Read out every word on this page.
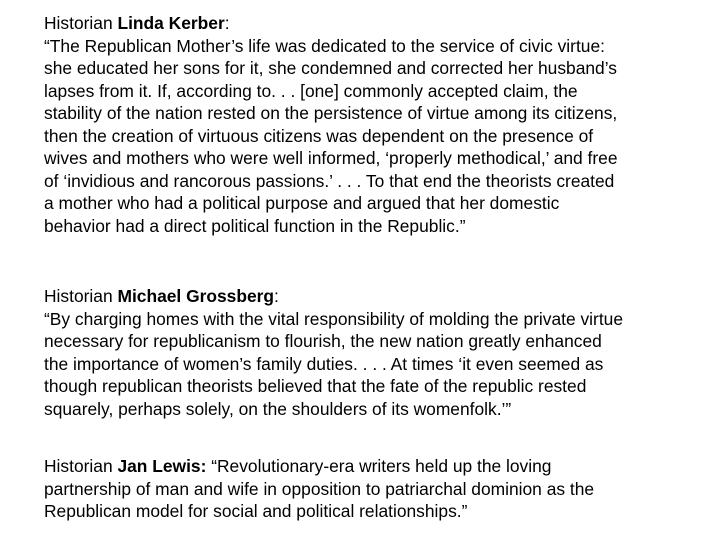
Historian Linda Kerber:
“The Republican Mother’s life was dedicated to the service of civic virtue:
she educated her sons for it, she condemned and corrected her husband’s
lapses from it. If, according to. . . [one] commonly accepted claim, the
stability of the nation rested on the persistence of virtue among its citizens,
then the creation of virtuous citizens was dependent on the presence of
wives and mothers who were well informed, ‘properly methodical,’ and free
of ‘invidious and rancorous passions.’ . . . To that end the theorists created
a mother who had a political purpose and argued that her domestic
behavior had a direct political function in the Republic.”
Historian Michael Grossberg:
“By charging homes with the vital responsibility of molding the private virtue
necessary for republicanism to flourish, the new nation greatly enhanced
the importance of women’s family duties. . . . At times ‘it even seemed as
though republican theorists believed that the fate of the republic rested
squarely, perhaps solely, on the shoulders of its womenfolk.’”
Historian Jan Lewis: “Revolutionary-era writers held up the loving
partnership of man and wife in opposition to patriarchal dominion as the
Republican model for social and political relationships.”
